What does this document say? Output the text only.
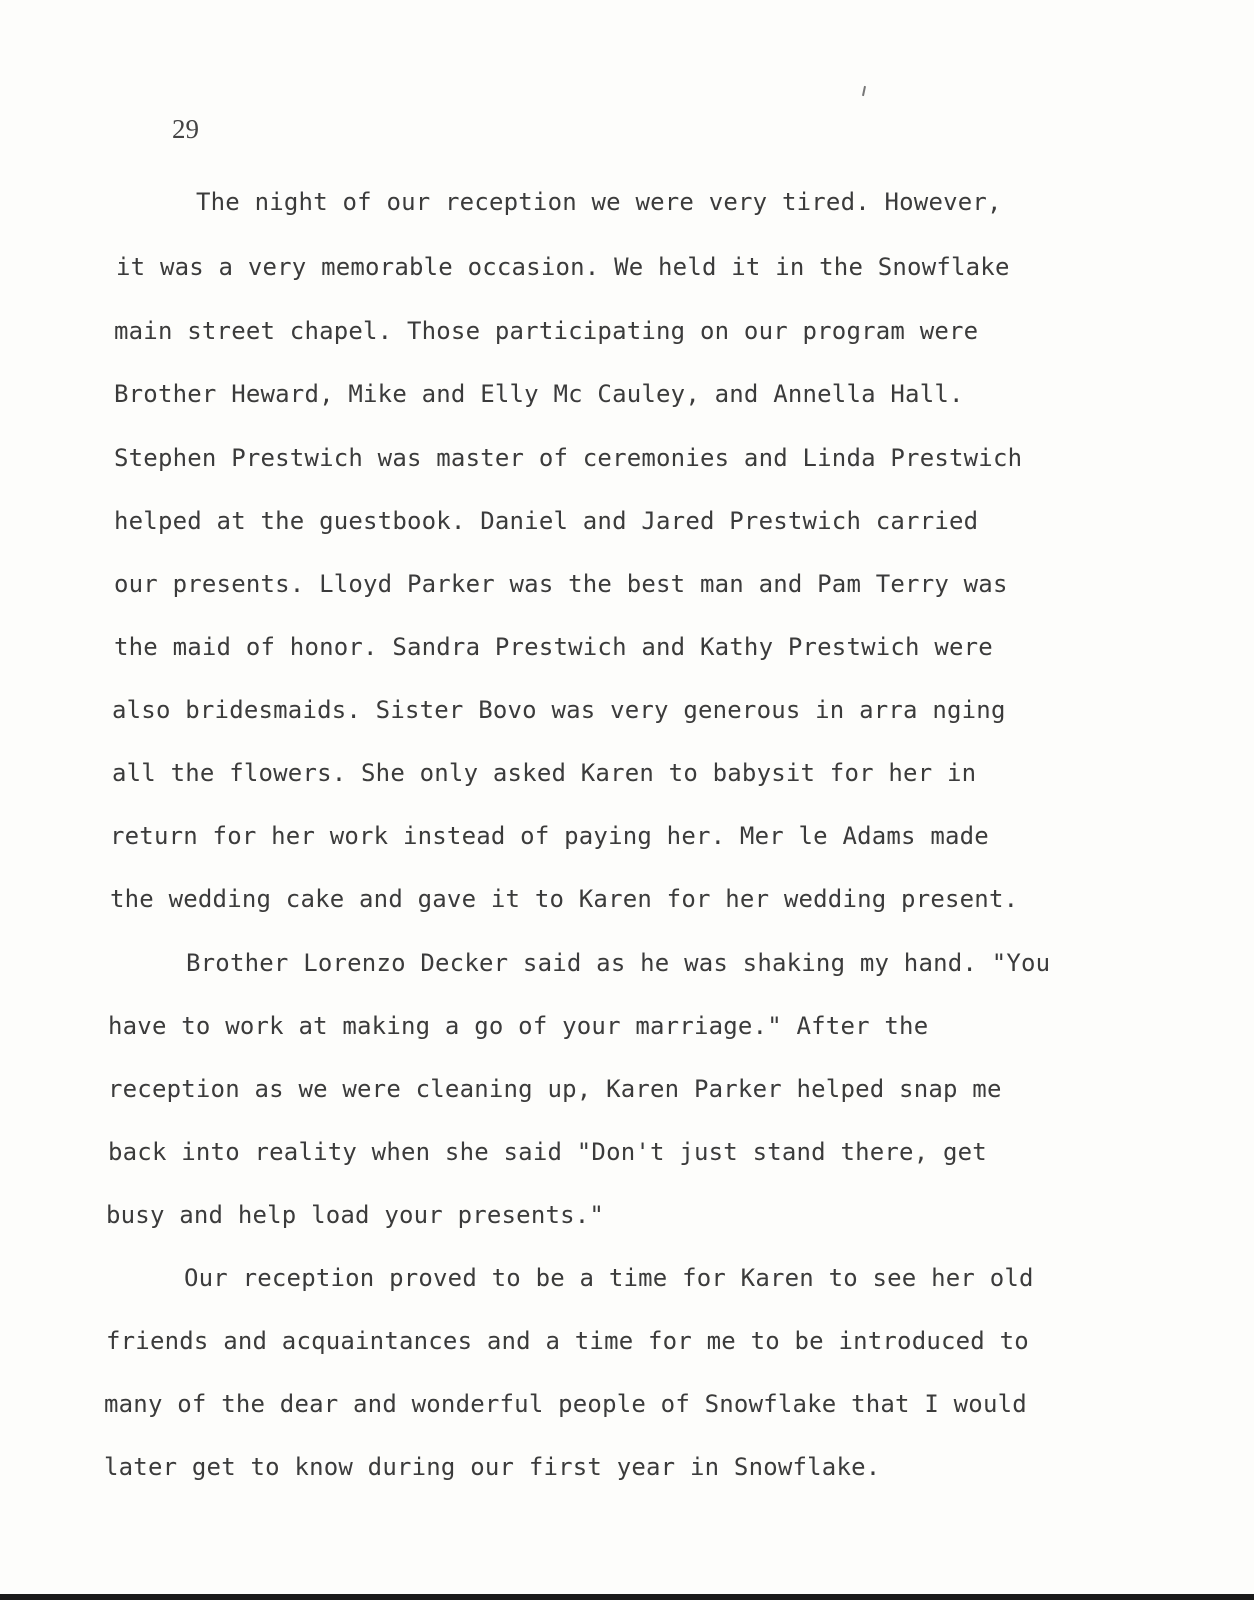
29
The night of our reception we were very tired. However,
it was a very memorable occasion. We held it in the Snowflake
main street chapel. Those participating on our program were
Brother Heward, Mike and Elly Mc Cauley, and Annella Hall.
Stephen Prestwich was master of ceremonies and Linda Prestwich
helped at the guestbook. Daniel and Jared Prestwich carried
our presents. Lloyd Parker was the best man and Pam Terry was
the maid of honor. Sandra Prestwich and Kathy Prestwich were
also bridesmaids. Sister Bovo was very generous in arra nging
all the flowers. She only asked Karen to babysit for her in
return for her work instead of paying her. Mer le Adams made
the wedding cake and gave it to Karen for her wedding present.
Brother Lorenzo Decker said as he was shaking my hand. "You
have to work at making a go of your marriage." After the
reception as we were cleaning up, Karen Parker helped snap me
back into reality when she said "Don't just stand there, get
busy and help load your presents."
Our reception proved to be a time for Karen to see her old
friends and acquaintances and a time for me to be introduced to
many of the dear and wonderful people of Snowflake that I would
later get to know during our first year in Snowflake.
